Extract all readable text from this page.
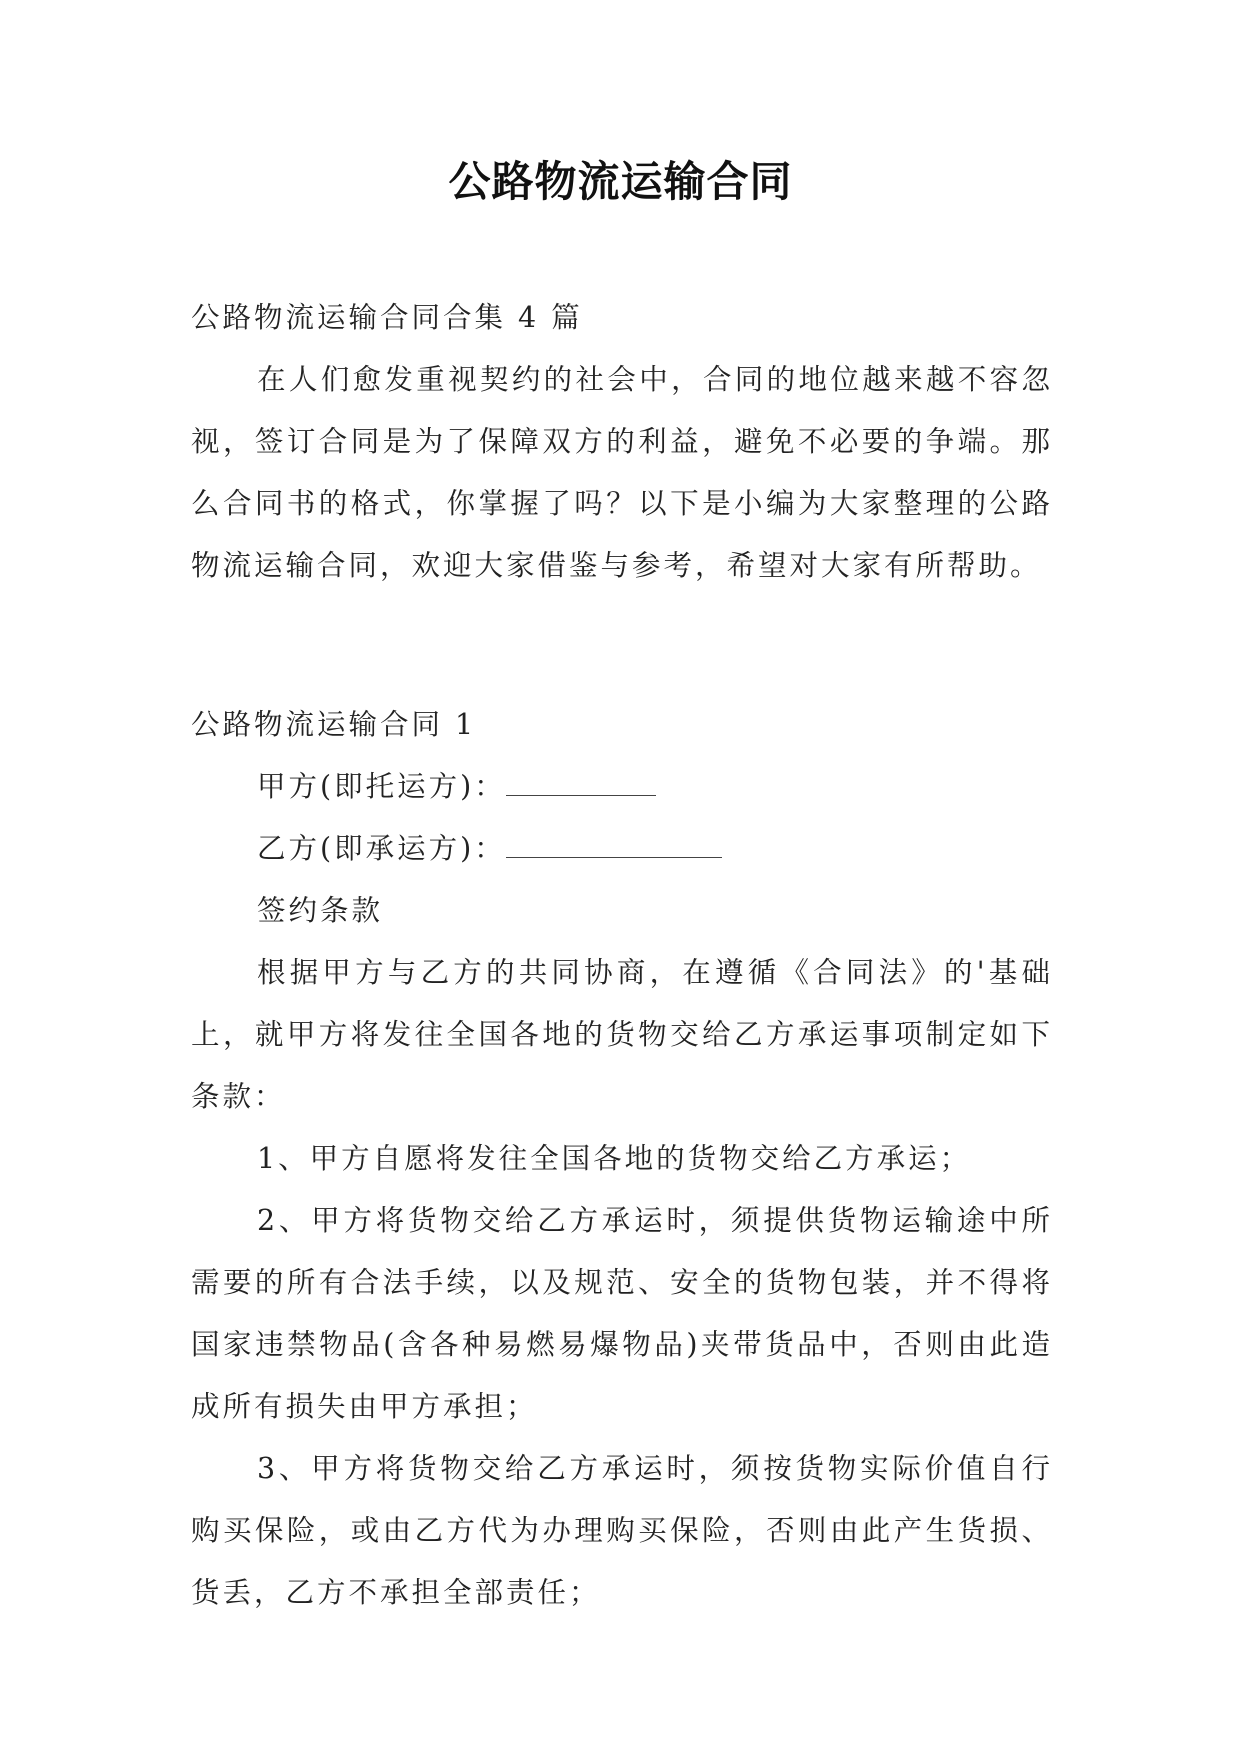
公路物流运输合同

公路物流运输合同合集 4 篇

在人们愈发重视契约的社会中，合同的地位越来越不容忽视，签订合同是为了保障双方的利益，避免不必要的争端。那么合同书的格式，你掌握了吗？以下是小编为大家整理的公路物流运输合同，欢迎大家借鉴与参考，希望对大家有所帮助。

公路物流运输合同 1

甲方(即托运方)：

乙方(即承运方)：

签约条款

根据甲方与乙方的共同协商，在遵循《合同法》的'基础上，就甲方将发往全国各地的货物交给乙方承运事项制定如下条款：

1、甲方自愿将发往全国各地的货物交给乙方承运；

2、甲方将货物交给乙方承运时，须提供货物运输途中所需要的所有合法手续，以及规范、安全的货物包装，并不得将国家违禁物品(含各种易燃易爆物品)夹带货品中，否则由此造成所有损失由甲方承担；

3、甲方将货物交给乙方承运时，须按货物实际价值自行购买保险，或由乙方代为办理购买保险，否则由此产生货损、货丢，乙方不承担全部责任；
